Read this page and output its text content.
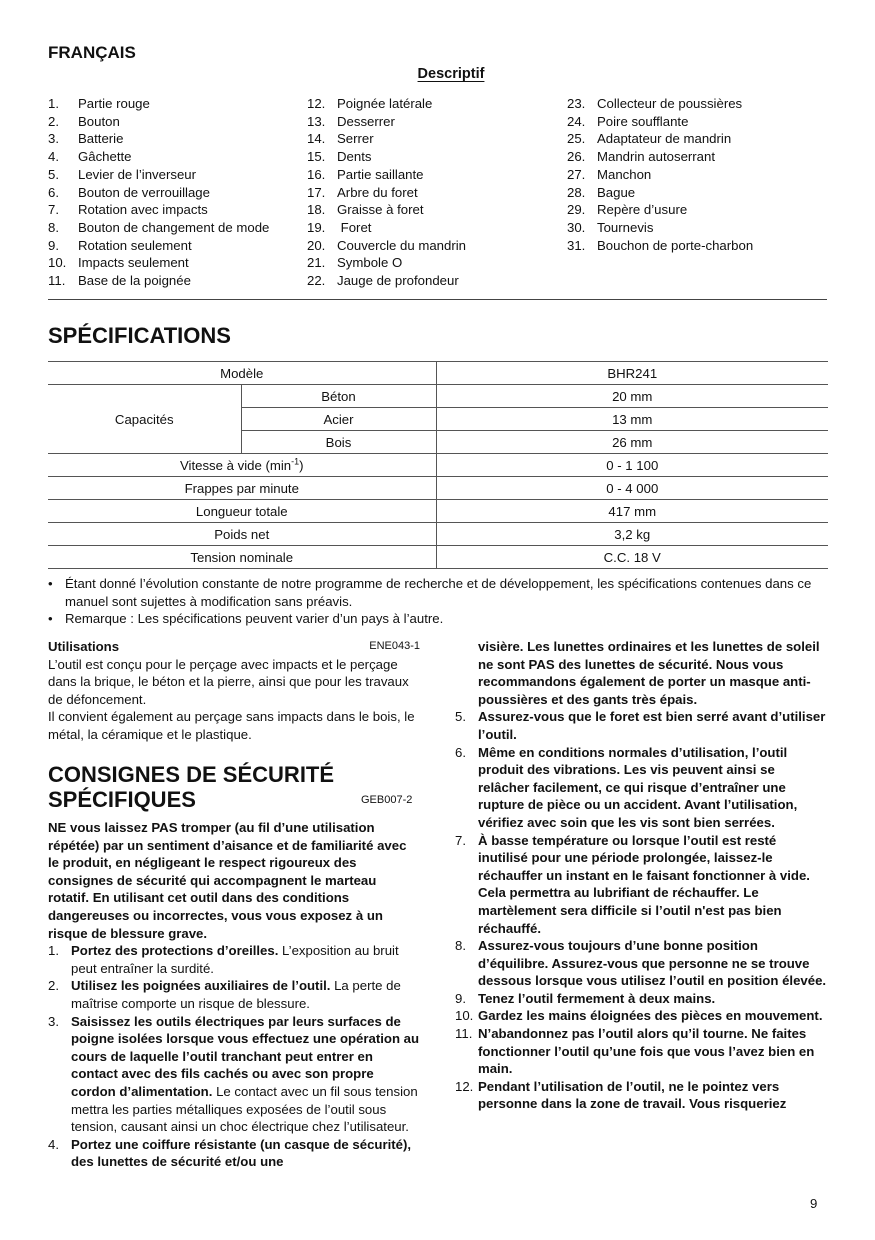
FRANÇAIS
Descriptif
1.	Partie rouge
2.	Bouton
3.	Batterie
4.	Gâchette
5.	Levier de l’inverseur
6.	Bouton de verrouillage
7.	Rotation avec impacts
8.	Bouton de changement de mode
9.	Rotation seulement
10. Impacts seulement
11. Base de la poignée
12. Poignée latérale
13. Desserrer
14. Serrer
15. Dents
16. Partie saillante
17. Arbre du foret
18. Graisse à foret
19. Foret
20. Couvercle du mandrin
21. Symbole O
22. Jauge de profondeur
23. Collecteur de poussières
24. Poire soufflante
25. Adaptateur de mandrin
26. Mandrin autoserrant
27. Manchon
28. Bague
29. Repère d’usure
30. Tournevis
31. Bouchon de porte-charbon
SPÉCIFICATIONS
Modèle		BHR241
Capacités	Béton	20 mm
	Acier	13 mm
	Bois	26 mm
Vitesse à vide $(\min^{-1})$		0 - 1 100
Frappes par minute		0 - 4 000
Longueur totale		417 mm
Poids net		3,2 kg
Tension nominale		C.C. 18 V
• Étant donné l’évolution constante de notre programme de recherche et de développement, les spécifications contenues dans ce manuel sont sujettes à modification sans préavis.
• Remarque : Les spécifications peuvent varier d’un pays à l’autre.
Utilisations	ENE043-1
L’outil est conçu pour le perçage avec impacts et le perçage dans la brique, le béton et la pierre, ainsi que pour les travaux de défoncement.
Il convient également au perçage sans impacts dans le bois, le métal, la céramique et le plastique.
CONSIGNES DE SÉCURITÉ
SPÉCIFIQUES	GEB007-2
NE vous laissez PAS tromper (au fil d’une utilisation répétée) par un sentiment d’aisance et de familiarité avec le produit, en négligeant le respect rigoureux des consignes de sécurité qui accompagnent le marteau rotatif. En utilisant cet outil dans des conditions dangereuses ou incorrectes, vous vous exposez à un risque de blessure grave.
1. Portez des protections d’oreilles. L’exposition au bruit peut entraîner la surdité.
2. Utilisez les poignées auxiliaires de l’outil. La perte de maîtrise comporte un risque de blessure.
3. Saisissez les outils électriques par leurs surfaces de poigne isolées lorsque vous effectuez une opération au cours de laquelle l’outil tranchant peut entrer en contact avec des fils cachés ou avec son propre cordon d’alimentation. Le contact avec un fil sous tension mettra les parties métalliques exposées de l’outil sous tension, causant ainsi un choc électrique chez l’utilisateur.
4. Portez une coiffure résistante (un casque de sécurité), des lunettes de sécurité et/ou une
visière. Les lunettes ordinaires et les lunettes de soleil ne sont PAS des lunettes de sécurité. Nous vous recommandons également de porter un masque anti-poussières et des gants très épais.
5. Assurez-vous que le foret est bien serré avant d’utiliser l’outil.
6. Même en conditions normales d’utilisation, l’outil produit des vibrations. Les vis peuvent ainsi se relâcher facilement, ce qui risque d’entraîner une rupture de pièce ou un accident. Avant l’utilisation, vérifiez avec soin que les vis sont bien serrées.
7. À basse température ou lorsque l’outil est resté inutilisé pour une période prolongée, laissez-le réchauffer un instant en le faisant fonctionner à vide. Cela permettra au lubrifiant de réchauffer. Le martèlement sera difficile si l’outil n'est pas bien réchauffé.
8. Assurez-vous toujours d’une bonne position d’équilibre. Assurez-vous que personne ne se trouve dessous lorsque vous utilisez l’outil en position élevée.
9. Tenez l’outil fermement à deux mains.
10. Gardez les mains éloignées des pièces en mouvement.
11. N’abandonnez pas l’outil alors qu’il tourne. Ne faites fonctionner l’outil qu’une fois que vous l’avez bien en main.
12. Pendant l’utilisation de l’outil, ne le pointez vers personne dans la zone de travail. Vous risqueriez
9
